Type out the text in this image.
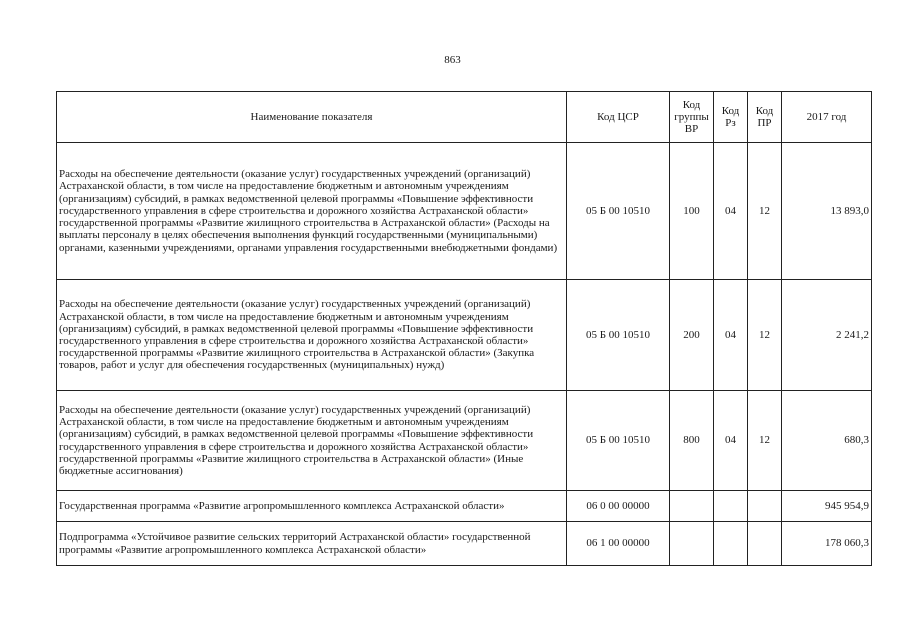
863
Наименование показателя	Код ЦСР	Код группы ВР	Код Рз	Код ПР	2017 год
Расходы на обеспечение деятельности (оказание услуг) государственных учреждений (организаций) Астраханской области, в том числе на предоставление бюджетным и автономным учреждениям (организациям) субсидий, в рамках ведомственной целевой программы «Повышение эффективности государственного управления в сфере строительства и дорожного хозяйства Астраханской области» государственной программы «Развитие жилищного строительства в Астраханской области» (Расходы на выплаты персоналу в целях обеспечения выполнения функций государственными (муниципальными) органами, казенными учреждениями, органами управления государственными внебюджетными фондами)	05 Б 00 10510	100	04	12	13 893,0
Расходы на обеспечение деятельности (оказание услуг) государственных учреждений (организаций) Астраханской области, в том числе на предоставление бюджетным и автономным учреждениям (организациям) субсидий, в рамках ведомственной целевой программы «Повышение эффективности государственного управления в сфере строительства и дорожного хозяйства Астраханской области» государственной программы «Развитие жилищного строительства в Астраханской области» (Закупка товаров, работ и услуг для обеспечения государственных (муниципальных) нужд)	05 Б 00 10510	200	04	12	2 241,2
Расходы на обеспечение деятельности (оказание услуг) государственных учреждений (организаций) Астраханской области, в том числе на предоставление бюджетным и автономным учреждениям (организациям) субсидий, в рамках ведомственной целевой программы «Повышение эффективности государственного управления в сфере строительства и дорожного хозяйства Астраханской области» государственной программы «Развитие жилищного строительства в Астраханской области» (Иные бюджетные ассигнования)	05 Б 00 10510	800	04	12	680,3
Государственная программа «Развитие агропромышленного комплекса Астраханской области»	06 0 00 00000				945 954,9
Подпрограмма «Устойчивое развитие сельских территорий Астраханской области» государственной программы «Развитие агропромышленного комплекса Астраханской области»	06 1 00 00000				178 060,3
